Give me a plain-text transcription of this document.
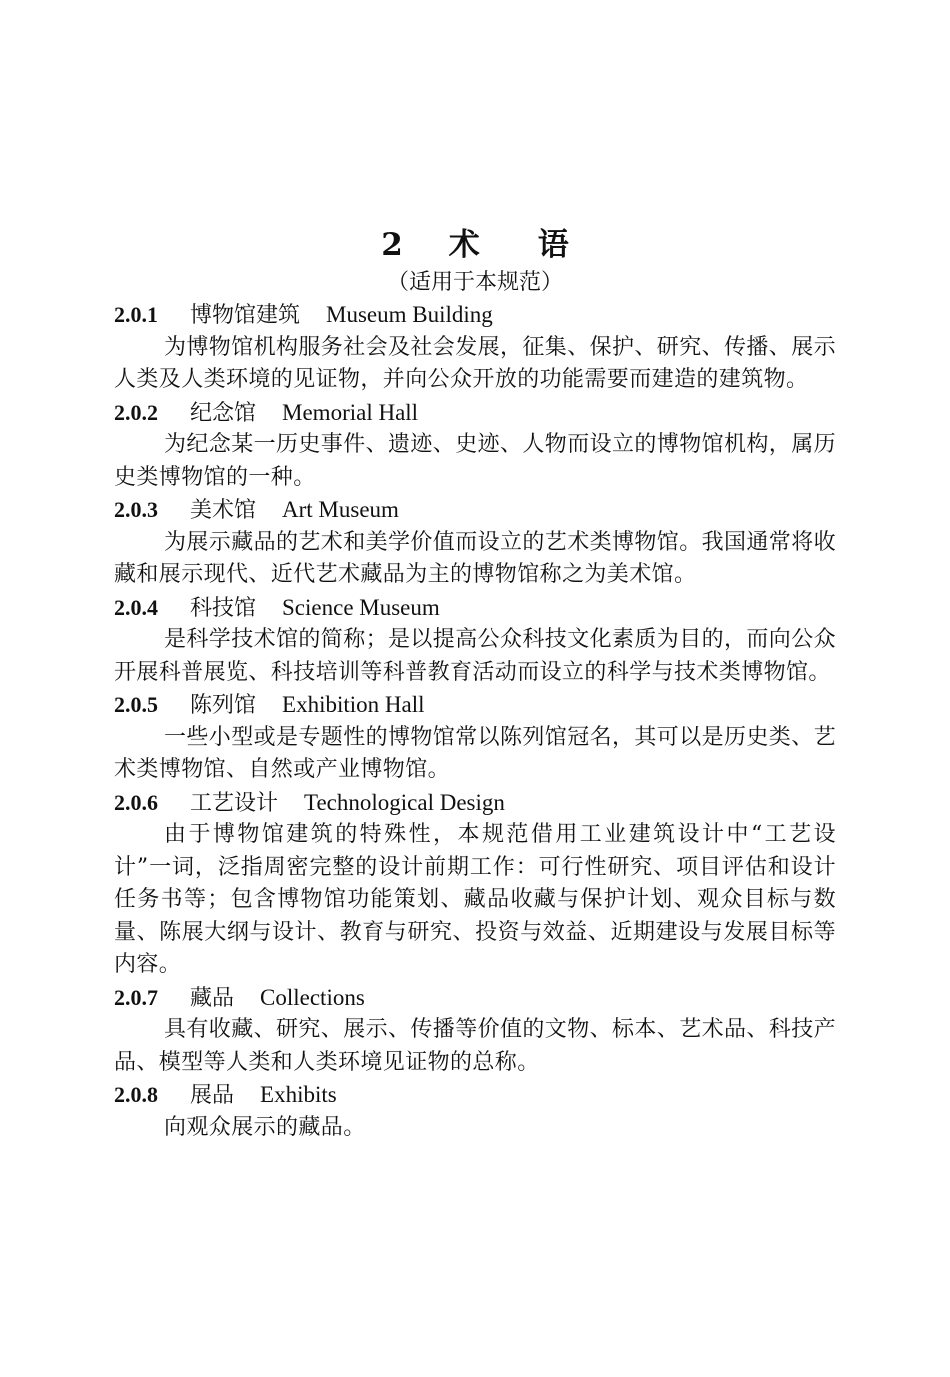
2 术 语
（适用于本规范）
2.0.1 博物馆建筑 Museum Building

为博物馆机构服务社会及社会发展，征集、保护、研究、传播、展示人类及人类环境的见证物，并向公众开放的功能需要而建造的建筑物。

2.0.2 纪念馆 Memorial Hall

为纪念某一历史事件、遗迹、史迹、人物而设立的博物馆机构，属历史类博物馆的一种。

2.0.3 美术馆 Art Museum

为展示藏品的艺术和美学价值而设立的艺术类博物馆。我国通常将收藏和展示现代、近代艺术藏品为主的博物馆称之为美术馆。

2.0.4 科技馆 Science Museum

是科学技术馆的简称；是以提高公众科技文化素质为目的，而向公众开展科普展览、科技培训等科普教育活动而设立的科学与技术类博物馆。

2.0.5 陈列馆 Exhibition Hall

一些小型或是专题性的博物馆常以陈列馆冠名，其可以是历史类、艺术类博物馆、自然或产业博物馆。

2.0.6 工艺设计 Technological Design

由于博物馆建筑的特殊性，本规范借用工业建筑设计中“工艺设计”一词，泛指周密完整的设计前期工作：可行性研究、项目评估和设计任务书等；包含博物馆功能策划、藏品收藏与保护计划、观众目标与数量、陈展大纲与设计、教育与研究、投资与效益、近期建设与发展目标等内容。

2.0.7 藏品 Collections

具有收藏、研究、展示、传播等价值的文物、标本、艺术品、科技产品、模型等人类和人类环境见证物的总称。

2.0.8 展品 Exhibits

向观众展示的藏品。
